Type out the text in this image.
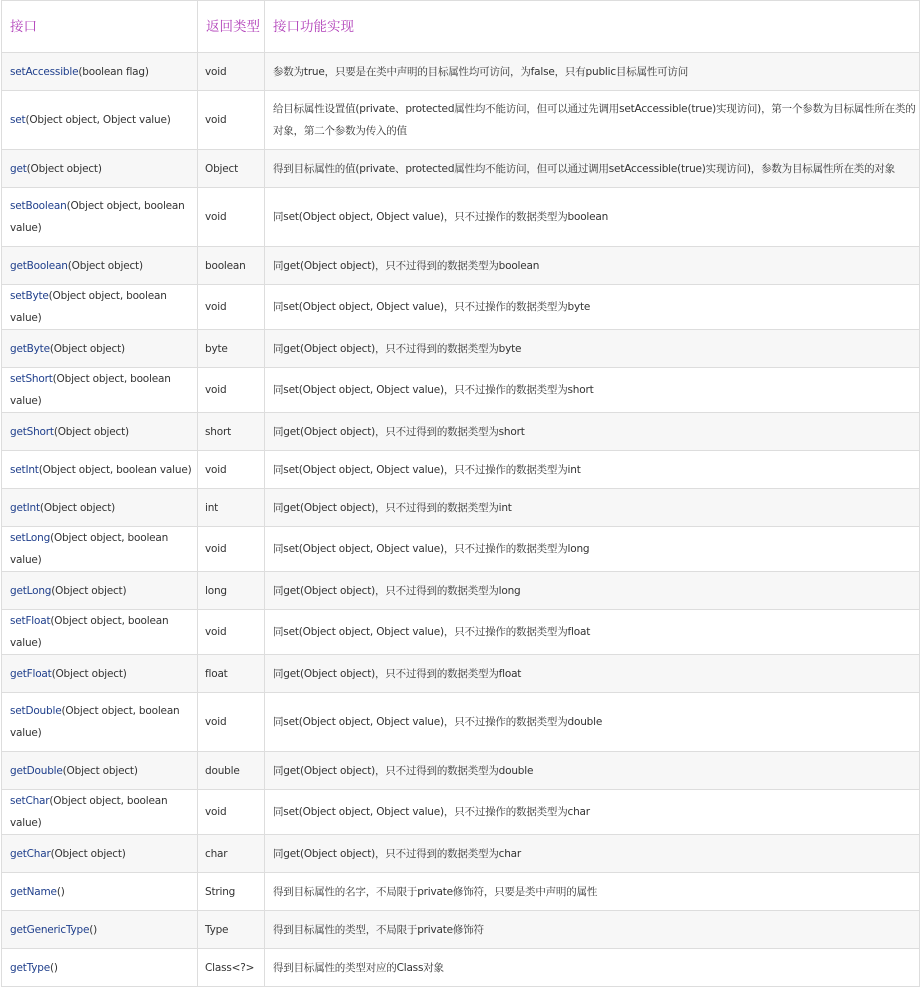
接口	返回类型	接口功能实现
setAccessible(boolean flag)	void	参数为true，只要是在类中声明的目标属性均可访问，为false，只有public目标属性可访问
set(Object object, Object value)	void	给目标属性设置值(private、protected属性均不能访问，但可以通过先调用setAccessible(true)实现访问)，第一个参数为目标属性所在类的对象，第二个参数为传入的值
get(Object object)	Object	得到目标属性的值(private、protected属性均不能访问，但可以通过调用setAccessible(true)实现访问)，参数为目标属性所在类的对象
setBoolean(Object object, boolean value)	void	同set(Object object, Object value)，只不过操作的数据类型为boolean
getBoolean(Object object)	boolean	同get(Object object)，只不过得到的数据类型为boolean
setByte(Object object, boolean value)	void	同set(Object object, Object value)，只不过操作的数据类型为byte
getByte(Object object)	byte	同get(Object object)，只不过得到的数据类型为byte
setShort(Object object, boolean value)	void	同set(Object object, Object value)，只不过操作的数据类型为short
getShort(Object object)	short	同get(Object object)，只不过得到的数据类型为short
setInt(Object object, boolean value)	void	同set(Object object, Object value)，只不过操作的数据类型为int
getInt(Object object)	int	同get(Object object)，只不过得到的数据类型为int
setLong(Object object, boolean value)	void	同set(Object object, Object value)，只不过操作的数据类型为long
getLong(Object object)	long	同get(Object object)，只不过得到的数据类型为long
setFloat(Object object, boolean value)	void	同set(Object object, Object value)，只不过操作的数据类型为float
getFloat(Object object)	float	同get(Object object)，只不过得到的数据类型为float
setDouble(Object object, boolean value)	void	同set(Object object, Object value)，只不过操作的数据类型为double
getDouble(Object object)	double	同get(Object object)，只不过得到的数据类型为double
setChar(Object object, boolean value)	void	同set(Object object, Object value)，只不过操作的数据类型为char
getChar(Object object)	char	同get(Object object)，只不过得到的数据类型为char
getName()	String	得到目标属性的名字，不局限于private修饰符，只要是类中声明的属性
getGenericType()	Type	得到目标属性的类型，不局限于private修饰符
getType()	Class<?>	得到目标属性的类型对应的Class对象
